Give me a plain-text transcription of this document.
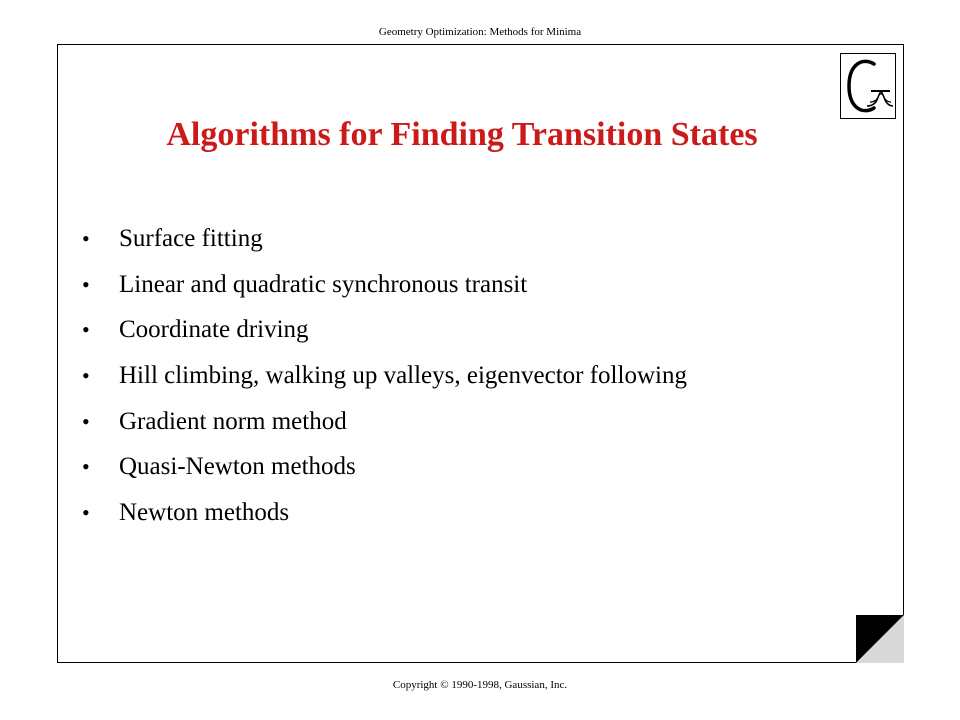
Geometry Optimization: Methods for Minima
Algorithms for Finding Transition States
•	Surface fitting
•	Linear and quadratic synchronous transit
•	Coordinate driving
•	Hill climbing, walking up valleys, eigenvector following
•	Gradient norm method
•	Quasi-Newton methods
•	Newton methods
Copyright © 1990-1998, Gaussian, Inc.
